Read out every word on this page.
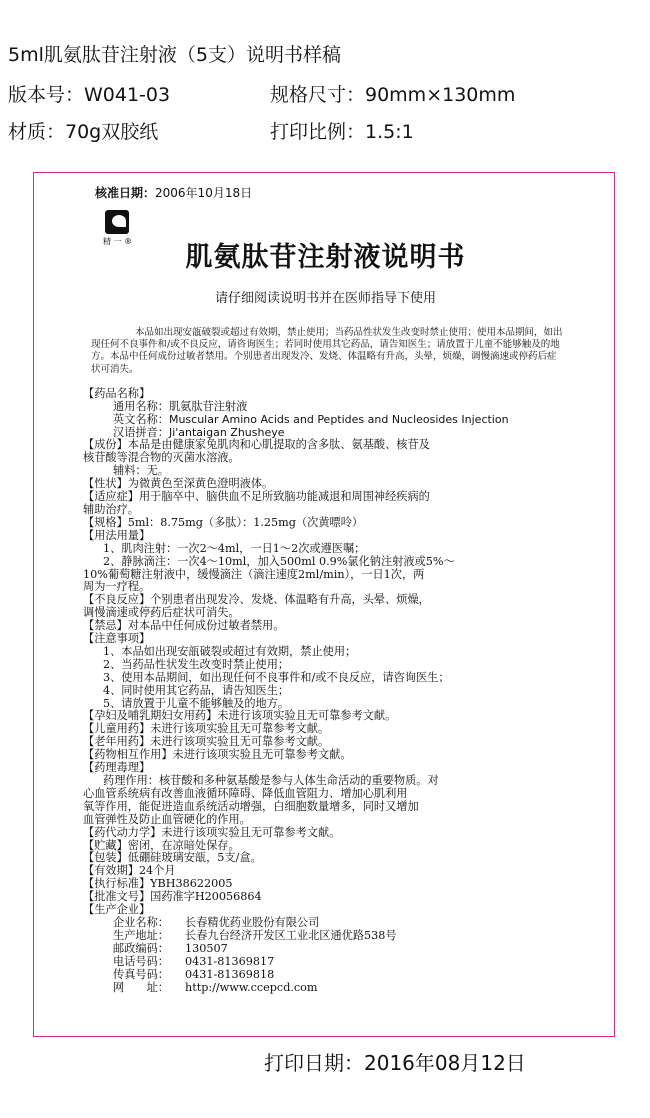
5ml肌氨肽苷注射液（5支）说明书样稿
版本号：W041-03	规格尺寸：90mm×130mm
材质：70g双胶纸	打印比例：1.5:1
核准日期：2006年10月18日
精 一 ®
肌氨肽苷注射液说明书
请仔细阅读说明书并在医师指导下使用
本品如出现安瓿破裂或超过有效期，禁止使用；当药品性状发生改变时禁止使用；使用本品期间，如出现任何不良事件和/或不良反应，请咨询医生；若同时使用其它药品，请告知医生；请放置于儿童不能够触及的地方。本品中任何成份过敏者禁用。个别患者出现发冷、发烧、体温略有升高，头晕，烦燥，调慢滴速或停药后症状可消失。
【药品名称】
通用名称：肌氨肽苷注射液
英文名称：Muscular Amino Acids and Peptides and Nucleosides Injection
汉语拼音：Ji'antaigan Zhusheye
【成份】本品是由健康家兔肌肉和心肌提取的含多肽、氨基酸、核苷及
核苷酸等混合物的灭菌水溶液。
辅料：无。
【性状】为微黄色至深黄色澄明液体。
【适应症】用于脑卒中、脑供血不足所致脑功能减退和周围神经疾病的
辅助治疗。
【规格】5ml：8.75mg（多肽）：1.25mg（次黄嘌呤）
【用法用量】
1、肌肉注射：一次2～4ml，一日1～2次或遵医嘱；
2、静脉滴注：一次4～10ml，加入500ml 0.9%氯化钠注射液或5%～
10%葡萄糖注射液中，缓慢滴注（滴注速度2ml/min），一日1次，两
周为一疗程。
【不良反应】个别患者出现发冷、发烧、体温略有升高，头晕、烦燥，
调慢滴速或停药后症状可消失。
【禁忌】对本品中任何成份过敏者禁用。
【注意事项】
1、本品如出现安瓿破裂或超过有效期，禁止使用；
2、当药品性状发生改变时禁止使用；
3、使用本品期间，如出现任何不良事件和/或不良反应，请咨询医生；
4、同时使用其它药品，请告知医生；
5、请放置于儿童不能够触及的地方。
【孕妇及哺乳期妇女用药】未进行该项实验且无可靠参考文献。
【儿童用药】未进行该项实验且无可靠参考文献。
【老年用药】未进行该项实验且无可靠参考文献。
【药物相互作用】未进行该项实验且无可靠参考文献。
【药理毒理】
药理作用：核苷酸和多种氨基酸是参与人体生命活动的重要物质。对
心血管系统病有改善血液循环障碍、降低血管阻力、增加心肌利用
氧等作用，能促进造血系统活动增强，白细胞数量增多，同时又增加
血管弹性及防止血管硬化的作用。
【药代动力学】未进行该项实验且无可靠参考文献。
【贮藏】密闭，在凉暗处保存。
【包装】低硼硅玻璃安瓿，5支/盒。
【有效期】24个月
【执行标准】YBH38622005
【批准文号】国药准字H20056864
【生产企业】
企业名称： 长春精优药业股份有限公司
生产地址： 长春九台经济开发区工业北区通优路538号
邮政编码： 130507
电话号码： 0431-81369817
传真号码： 0431-81369818
网　　址： http://www.ccepcd.com
打印日期：2016年08月12日
